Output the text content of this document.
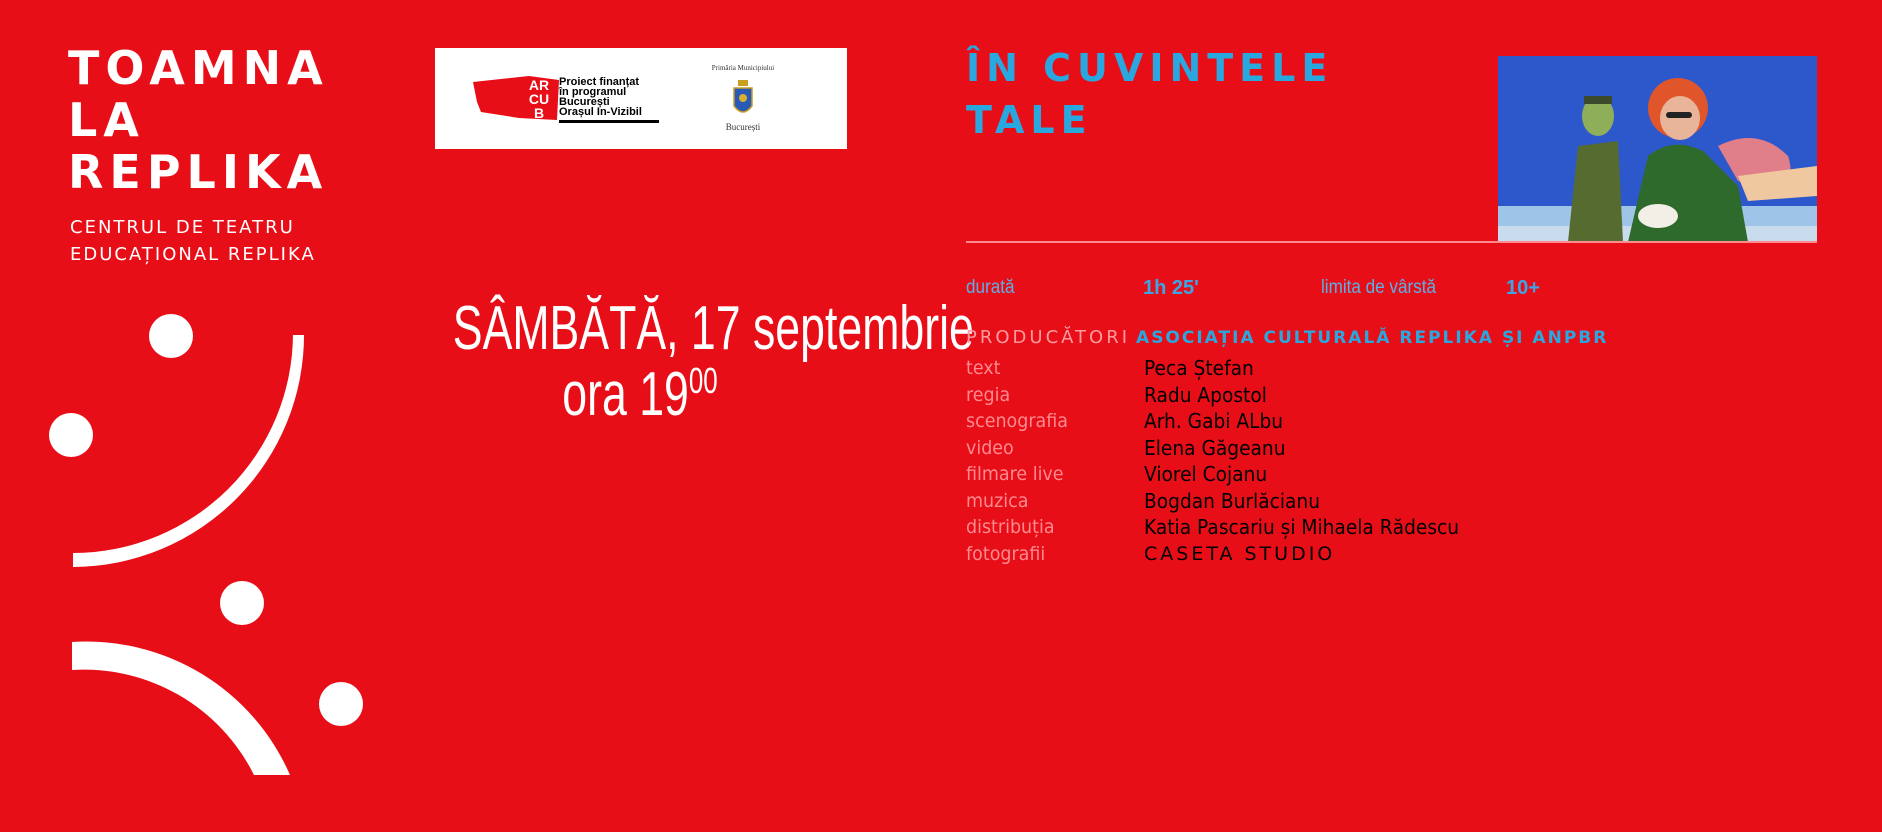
TOAMNA
LA
REPLIKA
CENTRUL DE TEATRU
EDUCAȚIONAL REPLIKA
AR
CU
B
Proiect finanțat
în programul
București
Orașul In-Vizibil
Primăria Municipiului
București
SÂMBĂTĂ, 17 septembrie
ora $19^{00}$
ÎN CUVINTELE
TALE
durată	1h 25'	limita de vârstă	10+
PRODUCĂTORI ASOCIAȚIA CULTURALĂ REPLIKA ȘI ANPBR
text	Peca Ștefan
regia	Radu Apostol
scenografia	Arh. Gabi ALbu
video	Elena Găgeanu
filmare live	Viorel Cojanu
muzica	Bogdan Burlăcianu
distribuția	Katia Pascariu și Mihaela Rădescu
fotografii	CASETA STUDIO
